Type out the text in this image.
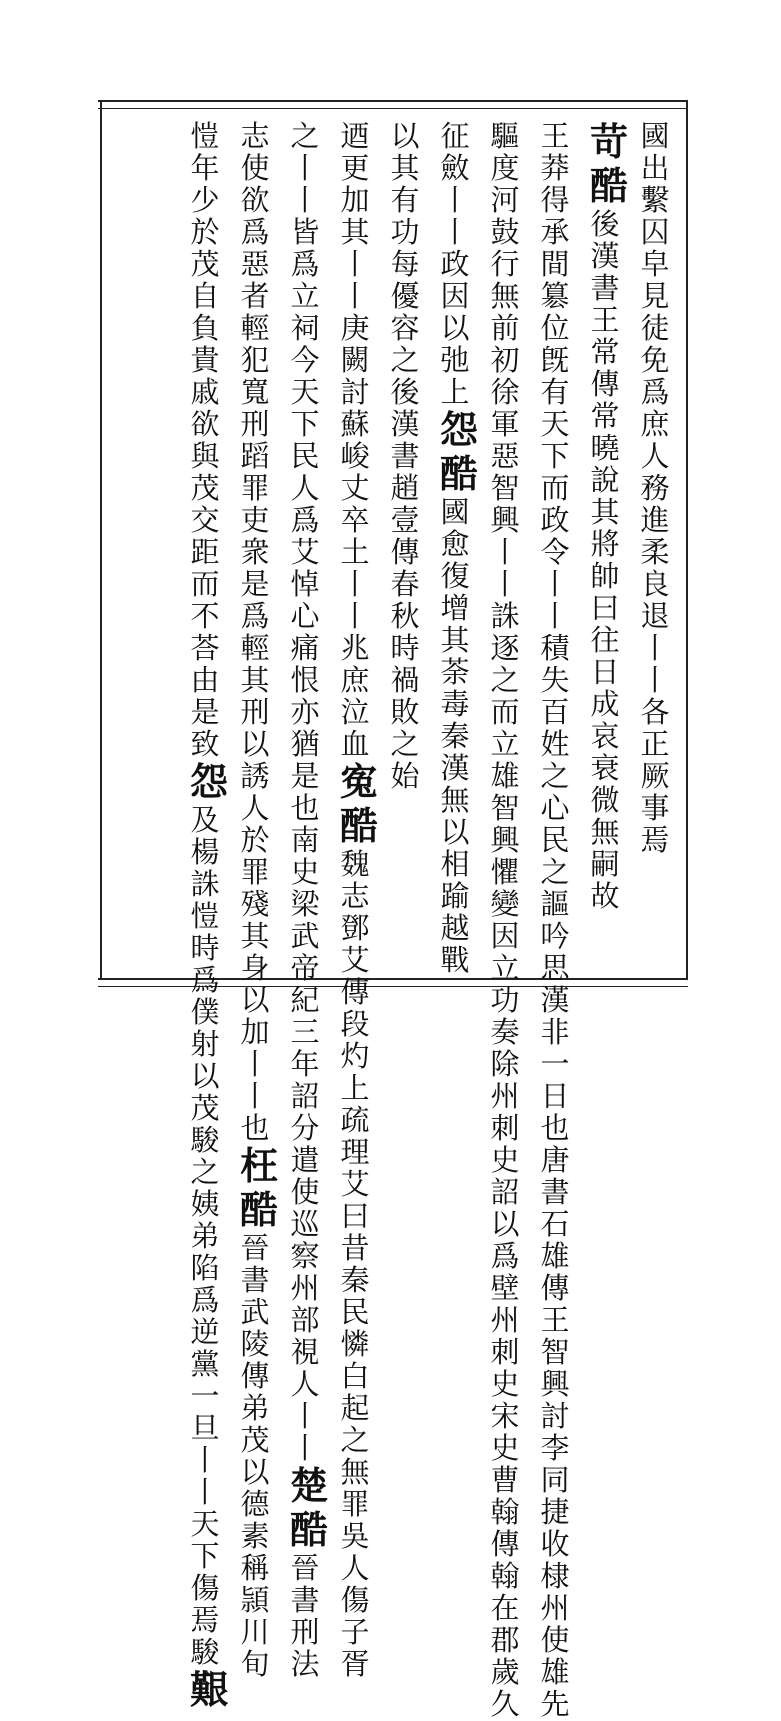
國
出
繫
囚
皁
見
徒
免
爲
庶
人
務
進
柔
良
退
丨
丨
各
正
厥
事
焉
苛
酷
後
漢
書
王
常
傳
常
曉
說
其
將
帥
曰
往
日
成
哀
衰
微
無
嗣
故
王
莽
得
承
間
簒
位
旣
有
天
下
而
政
令
丨
丨
積
失
百
姓
之
心
民
之
謳
吟
思
漢
非
一
日
也
唐
書
石
雄
傳
王
智
興
討
李
同
捷
收
棣
州
使
雄
先
驅
度
河
鼓
行
無
前
初
徐
軍
惡
智
興
丨
丨
誅
逐
之
而
立
雄
智
興
懼
變
因
立
功
奏
除
州
刺
史
詔
以
爲
壁
州
刺
史
宋
史
曹
翰
傳
翰
在
郡
歲
久
征
斂
丨
丨
政
因
以
弛
上
怨
酷
國
愈
復
增
其
荼
毒
秦
漢
無
以
相
踰
越
戰
以
其
有
功
每
優
容
之
後
漢
書
趙
壹
傳
春
秋
時
禍
敗
之
始
迺
更
加
其
丨
丨
庚
闕
討
蘇
峻
丈
卒
土
丨
丨
兆
庶
泣
血
寃
酷
魏
志
鄧
艾
傳
段
灼
上
疏
理
艾
曰
昔
秦
民
憐
白
起
之
無
罪
吳
人
傷
子
胥
之
丨
丨
皆
爲
立
祠
今
天
下
民
人
爲
艾
悼
心
痛
恨
亦
猶
是
也
南
史
梁
武
帝
紀
三
年
詔
分
遣
使
巡
察
州
部
視
人
丨
丨
楚
酷
晉
書
刑
法
志
使
欲
爲
惡
者
輕
犯
寬
刑
蹈
罪
吏
衆
是
爲
輕
其
刑
以
誘
人
於
罪
殘
其
身
以
加
丨
丨
也
枉
酷
晉
書
武
陵
傳
弟
茂
以
德
素
稱
頴
川
旬
愷
年
少
於
茂
自
負
貴
戚
欲
與
茂
交
距
而
不
荅
由
是
致
怨
及
楊
誅
愷
時
爲
僕
射
以
茂
駿
之
姨
弟
陷
爲
逆
黨
一
旦
丨
丨
天
下
傷
焉
駿
艱
